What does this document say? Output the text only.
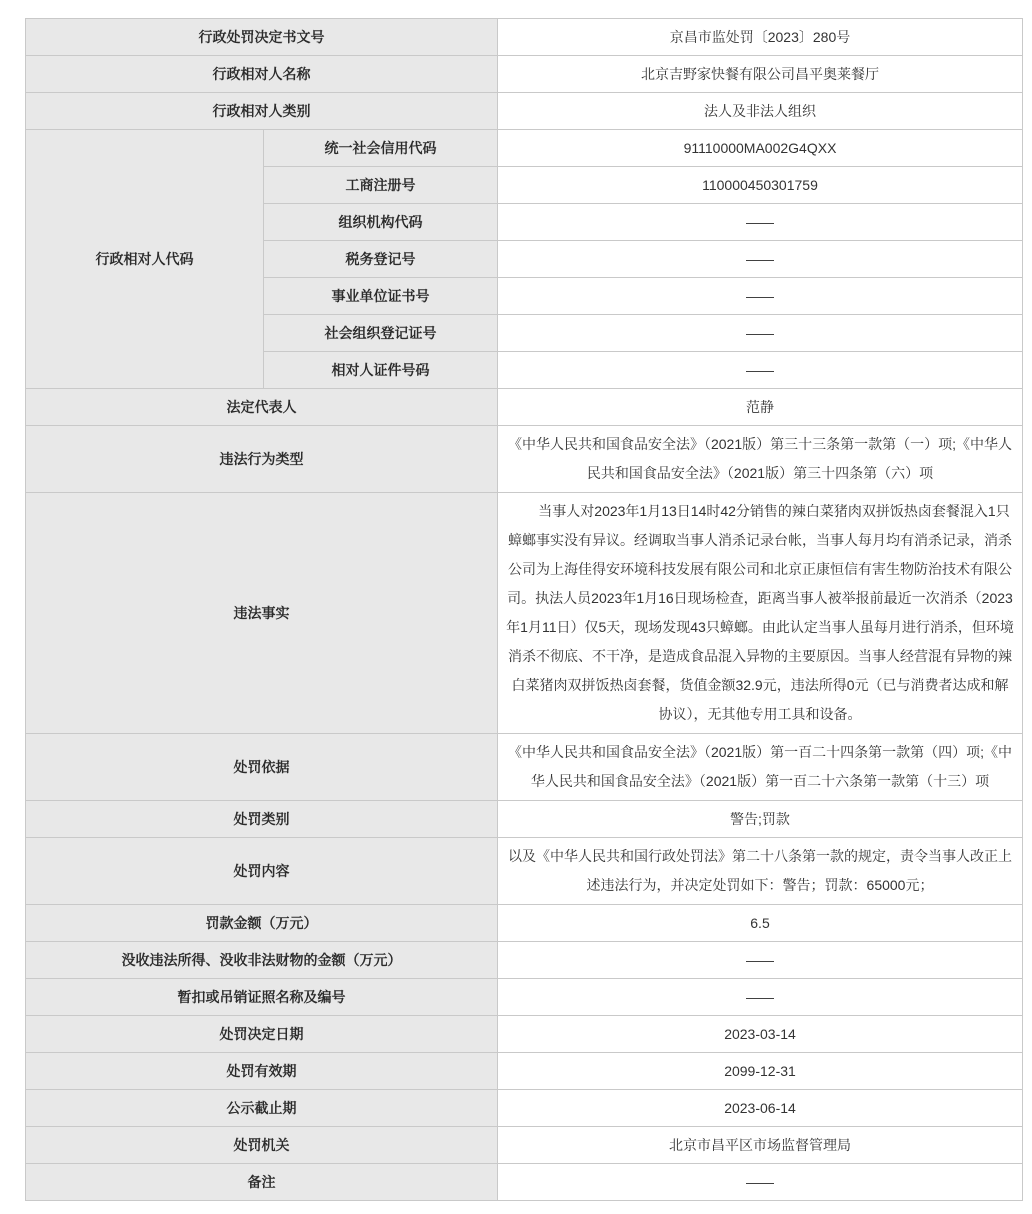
行政处罚决定书文号		京昌市监处罚〔2023〕280号
行政相对人名称		北京吉野家快餐有限公司昌平奥莱餐厅
行政相对人类别		法人及非法人组织
行政相对人代码	统一社会信用代码	91110000MA002G4QXX
	工商注册号	110000450301759
	组织机构代码	——
	税务登记号	——
	事业单位证书号	——
	社会组织登记证号	——
	相对人证件号码	——
法定代表人		范静
违法行为类型		《中华人民共和国食品安全法》（2021版）第三十三条第一款第（一）项;《中华人民共和国食品安全法》（2021版）第三十四条第（六）项
违法事实		　　当事人对2023年1月13日14时42分销售的辣白菜猪肉双拼饭热卤套餐混入1只蟑螂事实没有异议。经调取当事人消杀记录台帐，当事人每月均有消杀记录，消杀公司为上海佳得安环境科技发展有限公司和北京正康恒信有害生物防治技术有限公司。执法人员2023年1月16日现场检查，距离当事人被举报前最近一次消杀（2023年1月11日）仅5天，现场发现43只蟑螂。由此认定当事人虽每月进行消杀，但环境消杀不彻底、不干净，是造成食品混入异物的主要原因。当事人经营混有异物的辣白菜猪肉双拼饭热卤套餐，货值金额32.9元，违法所得0元（已与消费者达成和解协议），无其他专用工具和设备。
处罚依据		《中华人民共和国食品安全法》（2021版）第一百二十四条第一款第（四）项;《中华人民共和国食品安全法》（2021版）第一百二十六条第一款第（十三）项
处罚类别		警告;罚款
处罚内容		以及《中华人民共和国行政处罚法》第二十八条第一款的规定，责令当事人改正上述违法行为，并决定处罚如下：警告；罚款：65000元；
罚款金额（万元）		6.5
没收违法所得、没收非法财物的金额（万元）		——
暂扣或吊销证照名称及编号		——
处罚决定日期		2023-03-14
处罚有效期		2099-12-31
公示截止期		2023-06-14
处罚机关		北京市昌平区市场监督管理局
备注		——
